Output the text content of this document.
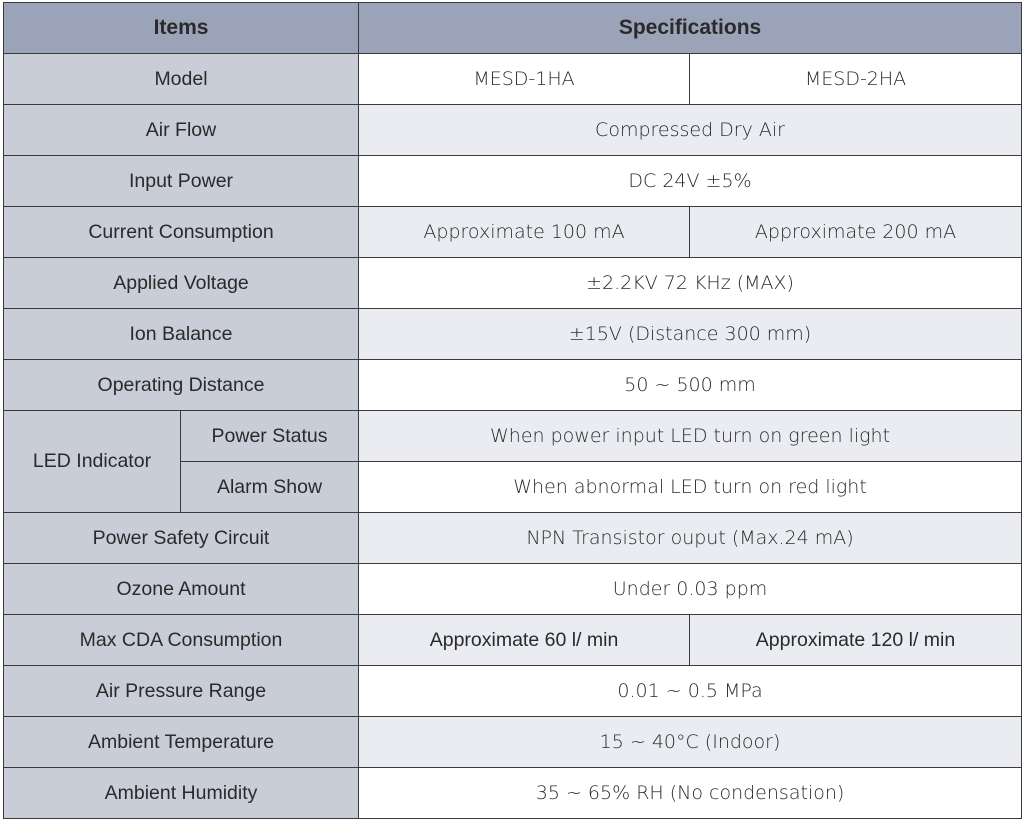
Items		Specifications	
Model		MESD-1HA	MESD-2HA
Air Flow		Compressed Dry Air	
Input Power		DC 24V ±5%	
Current Consumption		Approximate 100 mA	Approximate 200 mA
Applied Voltage		±2.2KV 72 KHz (MAX)	
Ion Balance		±15V (Distance 300 mm)	
Operating Distance		50 ~ 500 mm	
LED Indicator	Power Status	When power input LED turn on green light	
	Alarm Show	When abnormal LED turn on red light	
Power Safety Circuit		NPN Transistor ouput (Max.24 mA)	
Ozone Amount		Under 0.03 ppm	
Max CDA Consumption		Approximate 60 l/ min	Approximate 120 l/ min
Air Pressure Range		0.01 ~ 0.5 MPa	
Ambient Temperature		15 ~ 40°C (Indoor)	
Ambient Humidity		35 ~ 65% RH (No condensation)	
